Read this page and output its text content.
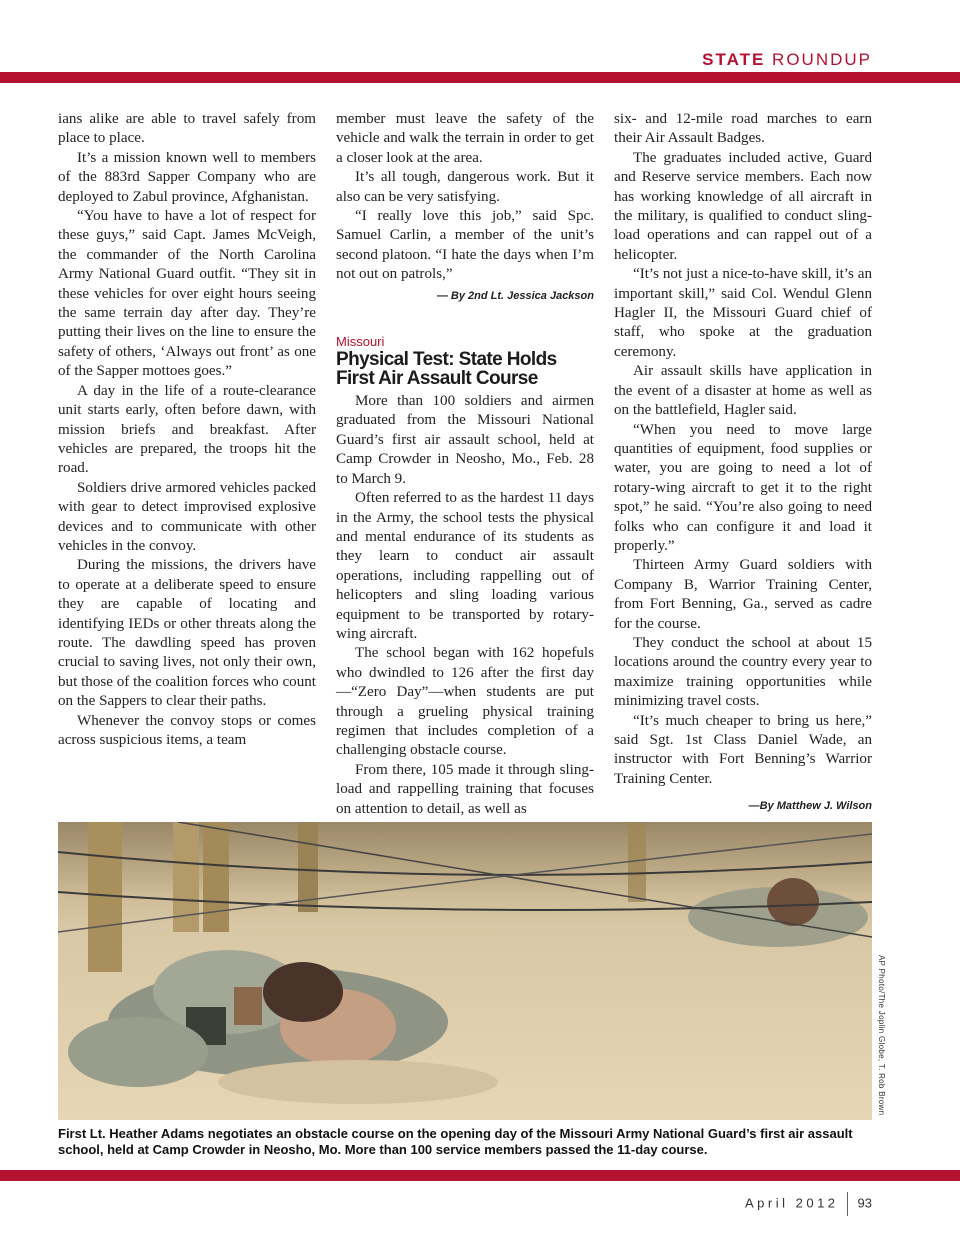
STATE ROUNDUP

ians alike are able to travel safely from place to place.

It’s a mission known well to members of the 883rd Sapper Company who are deployed to Zabul province, Afghanistan.

“You have to have a lot of respect for these guys,” said Capt. James McVeigh, the commander of the North Carolina Army National Guard outfit. “They sit in these vehicles for over eight hours seeing the same terrain day after day. They’re putting their lives on the line to ensure the safety of others, ‘Always out front’ as one of the Sapper mottoes goes.”

A day in the life of a route-clearance unit starts early, often before dawn, with mission briefs and breakfast. After vehicles are prepared, the troops hit the road.

Soldiers drive armored vehicles packed with gear to detect improvised explosive devices and to communicate with other vehicles in the convoy.

During the missions, the drivers have to operate at a deliberate speed to ensure they are capable of locating and identifying IEDs or other threats along the route. The dawdling speed has proven crucial to saving lives, not only their own, but those of the coalition forces who count on the Sappers to clear their paths.

Whenever the convoy stops or comes across suspicious items, a team

member must leave the safety of the vehicle and walk the terrain in order to get a closer look at the area.

It’s all tough, dangerous work. But it also can be very satisfying.

“I really love this job,” said Spc. Samuel Carlin, a member of the unit’s second platoon. “I hate the days when I’m not out on patrols,”

— By 2nd Lt. Jessica Jackson
Missouri
Physical Test: State Holds First Air Assault Course

More than 100 soldiers and airmen graduated from the Missouri National Guard’s first air assault school, held at Camp Crowder in Neosho, Mo., Feb. 28 to March 9.

Often referred to as the hardest 11 days in the Army, the school tests the physical and mental endurance of its students as they learn to conduct air assault operations, including rappelling out of helicopters and sling loading various equipment to be transported by rotary-wing aircraft.

The school began with 162 hopefuls who dwindled to 126 after the first day—“Zero Day”—when students are put through a grueling physical training regimen that includes completion of a challenging obstacle course.

From there, 105 made it through sling-load and rappelling training that focuses on attention to detail, as well as

six- and 12-mile road marches to earn their Air Assault Badges.

The graduates included active, Guard and Reserve service members. Each now has working knowledge of all aircraft in the military, is qualified to conduct sling-load operations and can rappel out of a helicopter.

“It’s not just a nice-to-have skill, it’s an important skill,” said Col. Wendul Glenn Hagler II, the Missouri Guard chief of staff, who spoke at the graduation ceremony.

Air assault skills have application in the event of a disaster at home as well as on the battlefield, Hagler said.

“When you need to move large quantities of equipment, food supplies or water, you are going to need a lot of rotary-wing aircraft to get it to the right spot,” he said. “You’re also going to need folks who can configure it and load it properly.”

Thirteen Army Guard soldiers with Company B, Warrior Training Center, from Fort Benning, Ga., served as cadre for the course.

They conduct the school at about 15 locations around the country every year to maximize training opportunities while minimizing travel costs.

“It’s much cheaper to bring us here,” said Sgt. 1st Class Daniel Wade, an instructor with Fort Benning’s Warrior Training Center.

—By Matthew J. Wilson
AP Photo/The Joplin Globe, T. Rob Brown
First Lt. Heather Adams negotiates an obstacle course on the opening day of the Missouri Army National Guard’s first air assault school, held at Camp Crowder in Neosho, Mo. More than 100 service members passed the 11-day course.
April 2012 93
